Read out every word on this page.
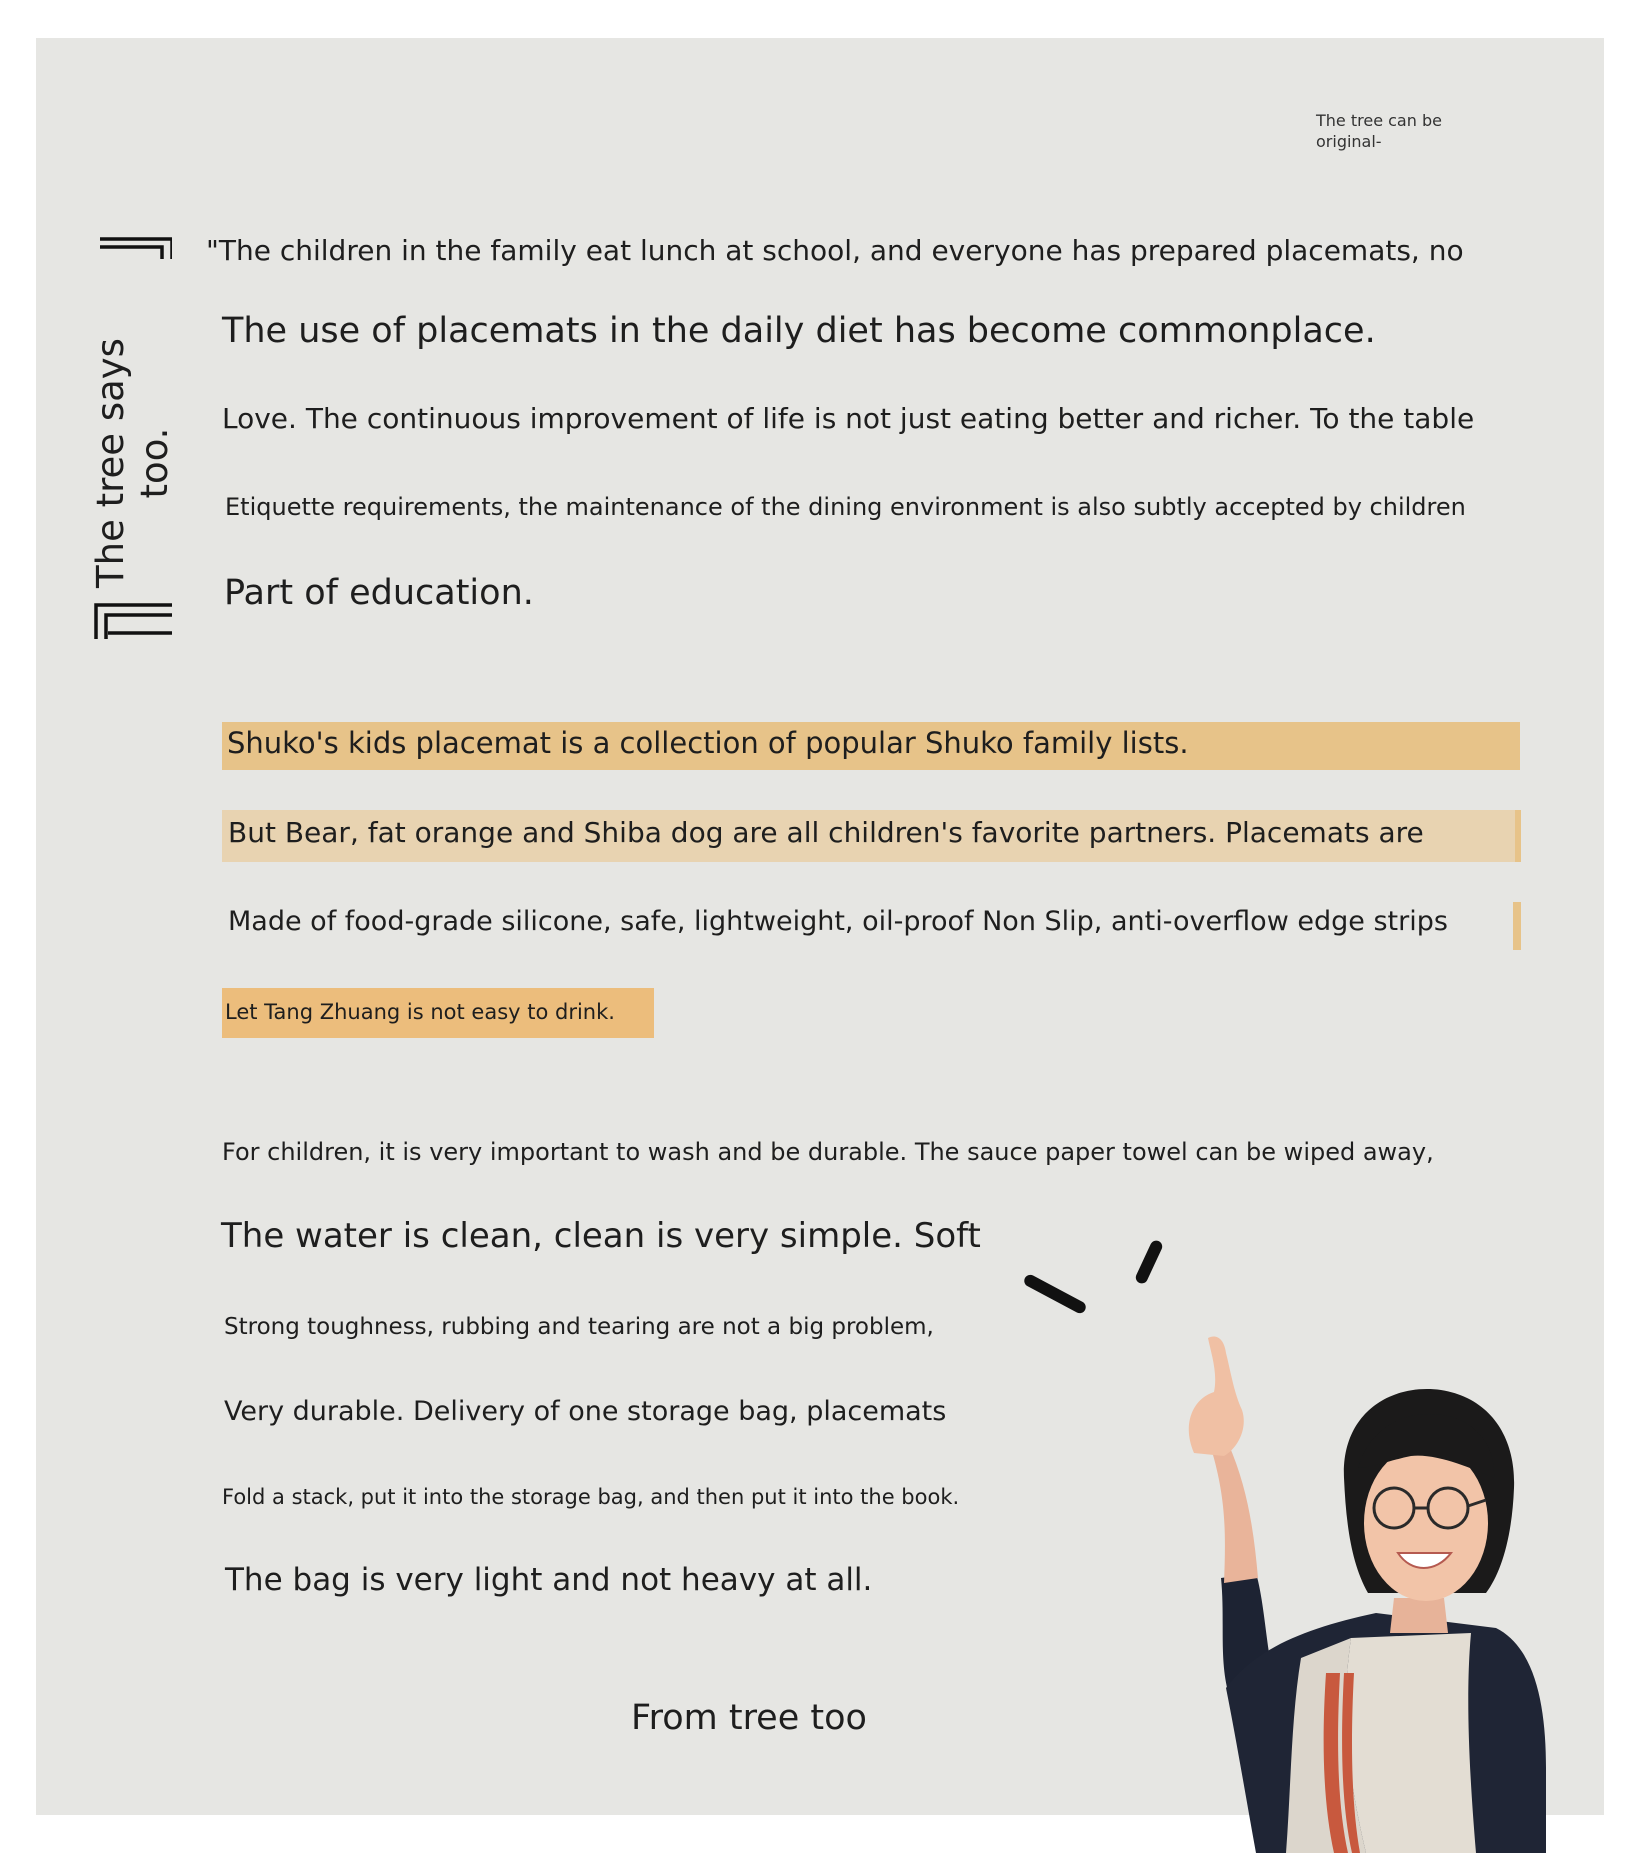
The tree can be
original-
The tree says too.
"The children in the family eat lunch at school, and everyone has prepared placemats, no
The use of placemats in the daily diet has become commonplace.
Love. The continuous improvement of life is not just eating better and richer. To the table
Etiquette requirements, the maintenance of the dining environment is also subtly accepted by children
Part of education.
Shuko's kids placemat is a collection of popular Shuko family lists.
But Bear, fat orange and Shiba dog are all children's favorite partners. Placemats are
Made of food-grade silicone, safe, lightweight, oil-proof Non Slip, anti-overflow edge strips
Let Tang Zhuang is not easy to drink.
For children, it is very important to wash and be durable. The sauce paper towel can be wiped away,
The water is clean, clean is very simple. Soft
Strong toughness, rubbing and tearing are not a big problem,
Very durable. Delivery of one storage bag, placemats
Fold a stack, put it into the storage bag, and then put it into the book.
The bag is very light and not heavy at all.
From tree too
